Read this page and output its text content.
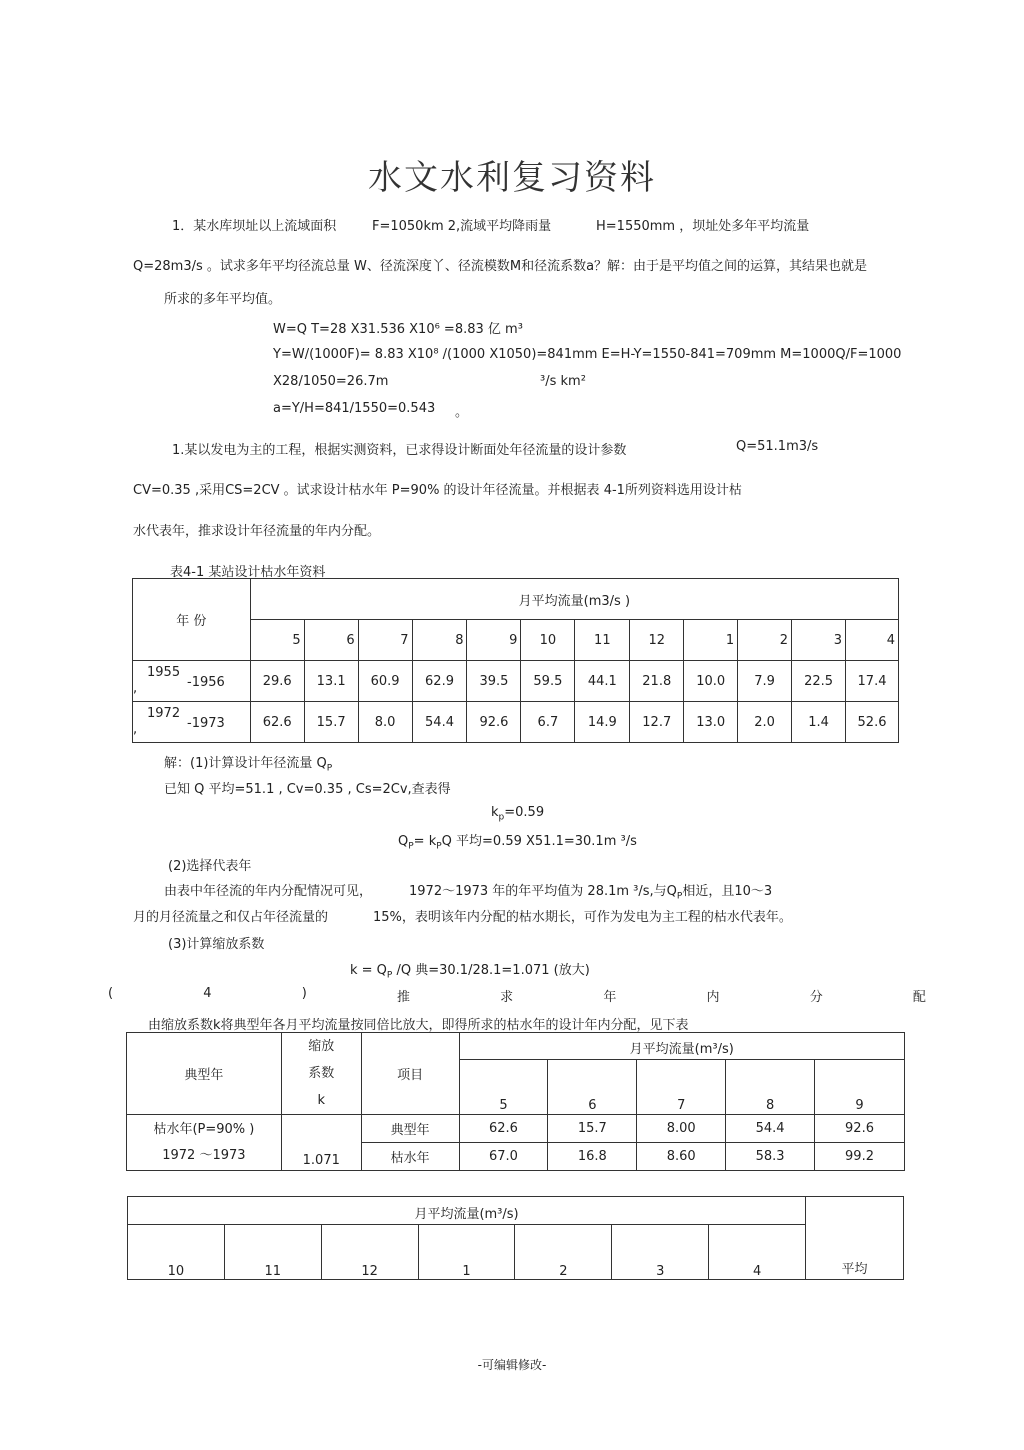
水文水利复习资料
1．某水库坝址以上流域面积	F=1050km 2,流域平均降雨量	H=1550mm ，坝址处多年平均流量
Q=28m3/s 。试求多年平均径流总量 W、径流深度丫、径流模数M和径流系数a？解：由于是平均值之间的运算，其结果也就是
所求的多年平均值。
W=Q T=28 X31.536 X10⁶ =8.83 亿 m³
Y=W/(1000F)= 8.83 X10⁸ /(1000 X1050)=841mm E=H-Y=1550-841=709mm M=1000Q/F=1000
X28/1050=26.7m	³/s km²
a=Y/H=841/1550=0.543 。
1.某以发电为主的工程，根据实测资料，已求得设计断面处年径流量的设计参数	Q=51.1m3/s
CV=0.35 ,采用CS=2CV 。试求设计枯水年 P=90% 的设计年径流量。并根据表 4-1所列资料选用设计枯
水代表年，推求设计年径流量的年内分配。
表4-1 某站设计枯水年资料
年 份	月平均流量(m3/s )											
	5	6	7	8	9	10	11	12	1	2	3	4

1955
-1956
,	29.6	13.1	60.9	62.9	39.5	59.5	44.1	21.8	10.0	7.9	22.5	17.4

1972
-1973
,	62.6	15.7	8.0	54.4	92.6	6.7	14.9	12.7	13.0	2.0	1.4	52.6
解：(1)计算设计年径流量 $Q_P$
已知 Q 平均=51.1 , Cv=0.35 , Cs=2Cv,查表得
$k_p=0.59$
$Q_P= k_PQ$ 平均=0.59 X51.1=30.1m ³/s
(2)选择代表年
由表中年径流的年内分配情况可见，	1972～1973 年的年平均值为 28.1m ³/s,与$Q_P$相近，且10～3
月的月径流量之和仅占年径流量的	15%，表明该年内分配的枯水期长，可作为发电为主工程的枯水代表年。
(3)计算缩放系数
$k = Q_P$ /Q 典=30.1/28.1=1.071 (放大)
(	4	)	推	求	年	内	分	配
由缩放系数k将典型年各月平均流量按同倍比放大，即得所求的枯水年的设计年内分配，见下表
典型年	缩放
系数
k	项目	月平均流量(m³/s)				
			5	6	7	8	9

枯水年(P=90% )
1972 ～1973	1.071	典型年	62.6	15.7	8.00	54.4	92.6
		枯水年	67.0	16.8	8.60	58.3	99.2
月平均流量(m³/s)							平均
10	11	12	1	2	3	4	
-可编辑修改-
